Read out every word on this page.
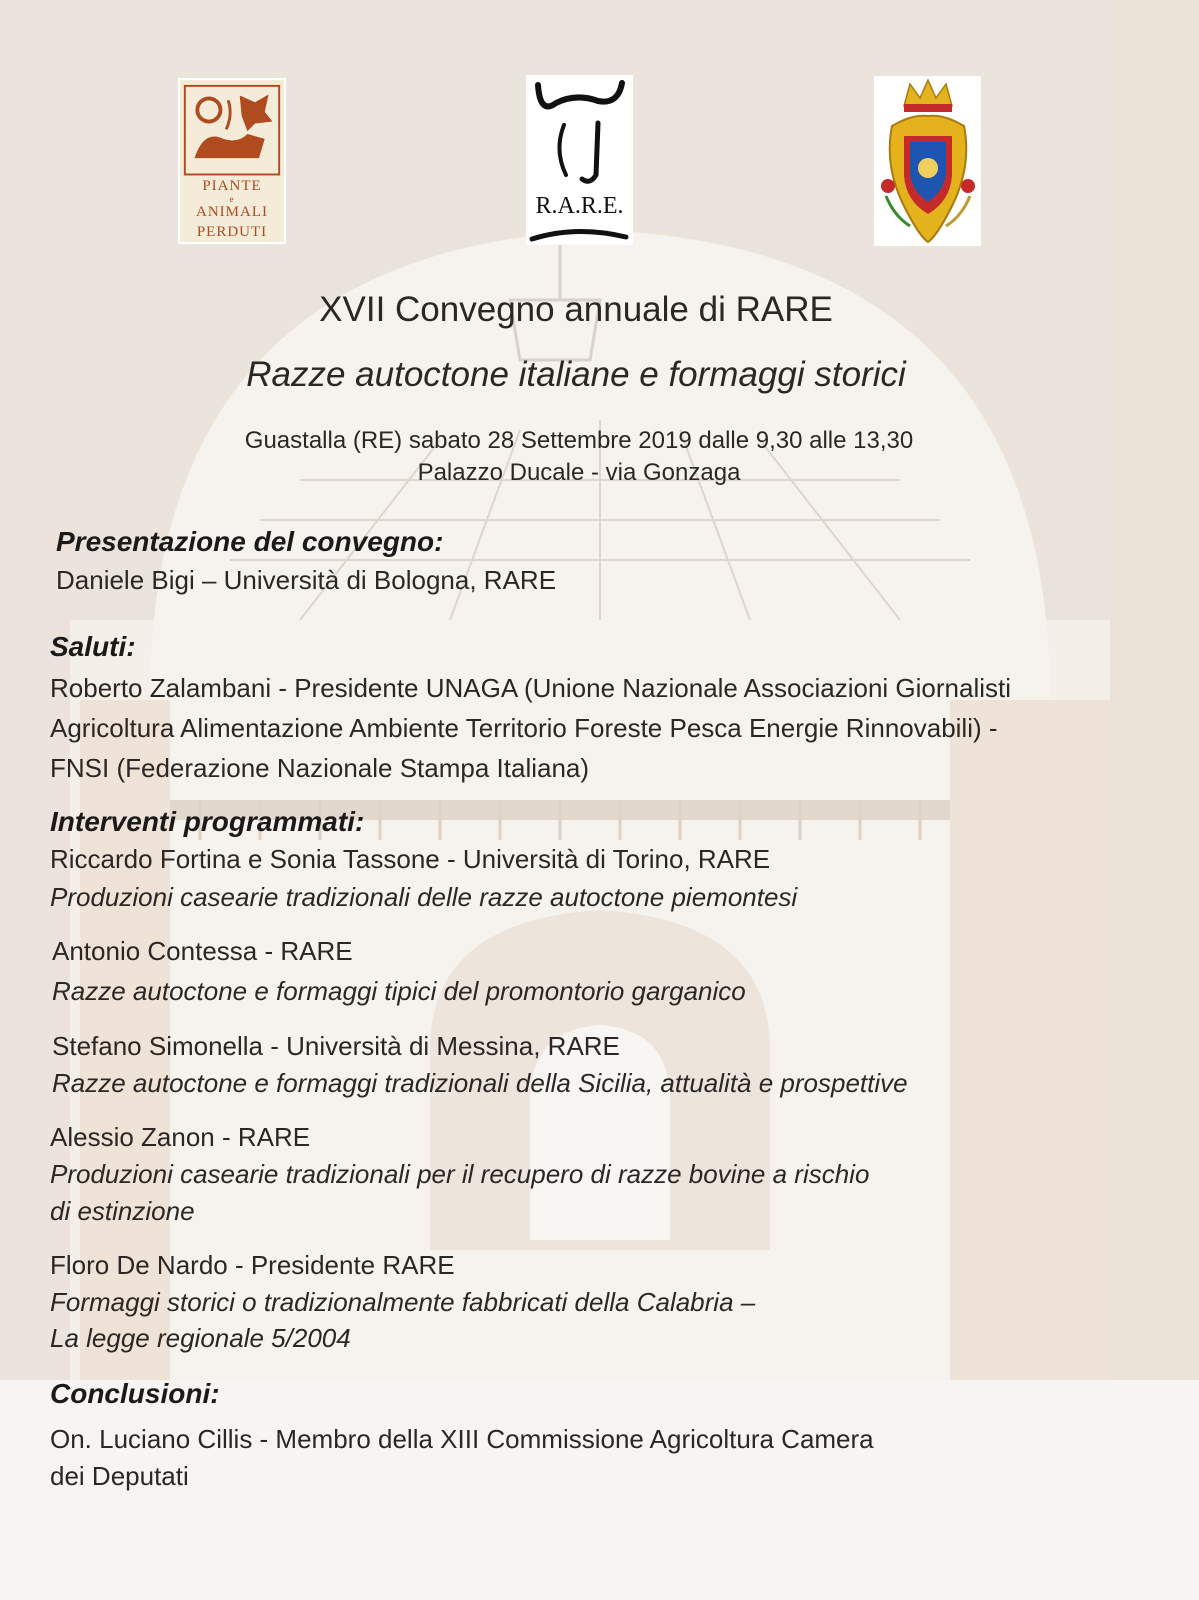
PIANTE
e
ANIMALI
PERDUTI
R.A.R.E.
XVII Convegno annuale di RARE
Razze autoctone italiane e formaggi storici
Guastalla (RE) sabato 28 Settembre 2019 dalle 9,30 alle 13,30
Palazzo Ducale - via Gonzaga
Presentazione del convegno:
Daniele Bigi – Università di Bologna, RARE
Saluti:
Roberto Zalambani - Presidente UNAGA (Unione Nazionale Associazioni Giornalisti
Agricoltura Alimentazione Ambiente Territorio Foreste Pesca Energie Rinnovabili) -
FNSI (Federazione Nazionale Stampa Italiana)
Interventi programmati:
Riccardo Fortina e Sonia Tassone - Università di Torino, RARE
Produzioni casearie tradizionali delle razze autoctone piemontesi
Antonio Contessa - RARE
Razze autoctone e formaggi tipici del promontorio garganico
Stefano Simonella - Università di Messina, RARE
Razze autoctone e formaggi tradizionali della Sicilia, attualità e prospettive
Alessio Zanon - RARE
Produzioni casearie tradizionali per il recupero di razze bovine a rischio
di estinzione
Floro De Nardo - Presidente RARE
Formaggi storici o tradizionalmente fabbricati della Calabria –
La legge regionale 5/2004
Conclusioni:
On. Luciano Cillis - Membro della XIII Commissione Agricoltura Camera
dei Deputati
